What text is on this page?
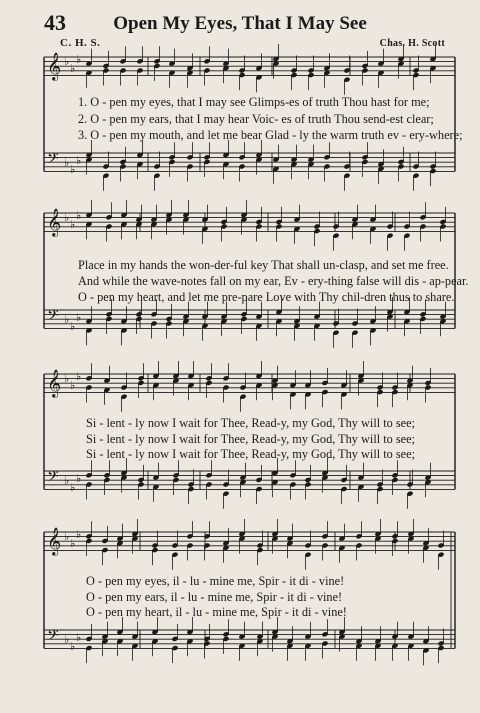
43	Open My Eyes, That I May See
C. H. S.	Chas. H. Scott
𝄞 ♭
♭
♭
𝄢 ♭
♭
♭
𝄞 ♭
♭
♭
𝄢 ♭
♭
♭
𝄞 ♭
♭
♭
𝄢 ♭
♭
♭
𝄞 ♭
♭
♭
𝄢 ♭
♭
♭
1. O - pen my eyes, that I may see Glimps-es of truth Thou hast for me;
2. O - pen my ears, that I may hear Voic- es of truth Thou send-est clear;
3. O - pen my mouth, and let me bear Glad - ly the warm truth ev - ery-where;
Place in my hands the won-der-ful key That shall un-clasp, and set me free.
And while the wave-notes fall on my ear, Ev - ery-thing false will dis - ap-pear.
O - pen my heart, and let me pre-pare Love with Thy chil-dren thus to share.
Si - lent - ly now I wait for Thee, Read-y, my God, Thy will to see;
Si - lent - ly now I wait for Thee, Read-y, my God, Thy will to see;
Si - lent - ly now I wait for Thee, Read-y, my God, Thy will to see;
O - pen my eyes, il - lu - mine me, Spir - it di - vine!
O - pen my ears, il - lu - mine me, Spir - it di - vine!
O - pen my heart, il - lu - mine me, Spir - it di - vine!
